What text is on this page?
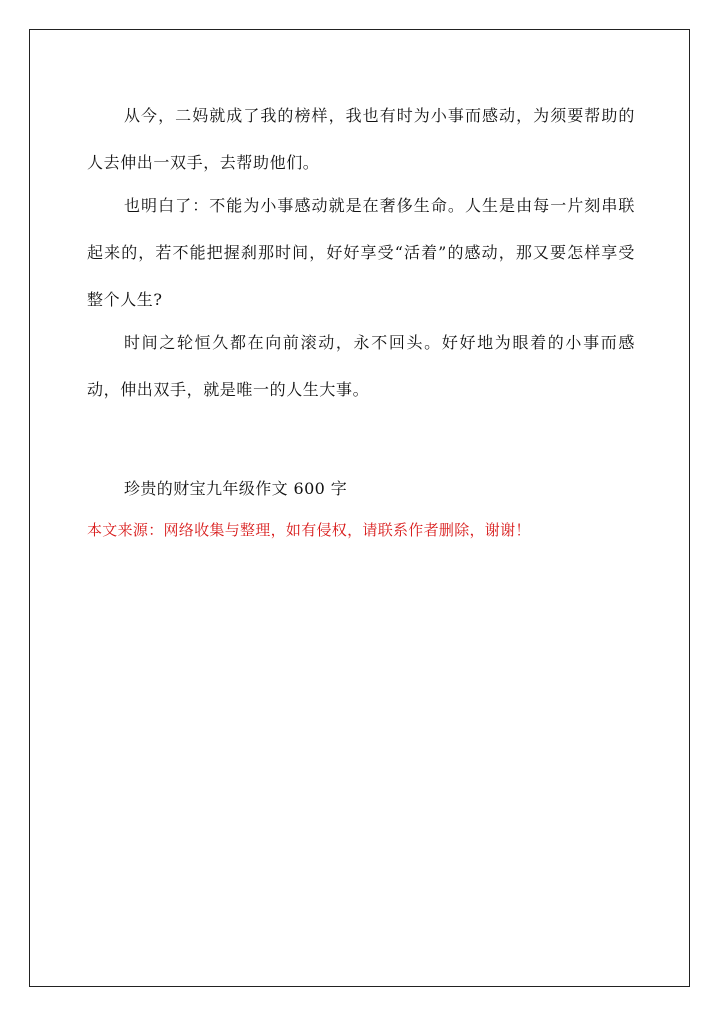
从今，二妈就成了我的榜样，我也有时为小事而感动，为须要帮助的人去伸出一双手，去帮助他们。

也明白了：不能为小事感动就是在奢侈生命。人生是由每一片刻串联起来的，若不能把握刹那时间，好好享受“活着”的感动，那又要怎样享受整个人生?

时间之轮恒久都在向前滚动，永不回头。好好地为眼着的小事而感动，伸出双手，就是唯一的人生大事。

珍贵的财宝九年级作文 600 字
本文来源：网络收集与整理，如有侵权，请联系作者删除，谢谢！
